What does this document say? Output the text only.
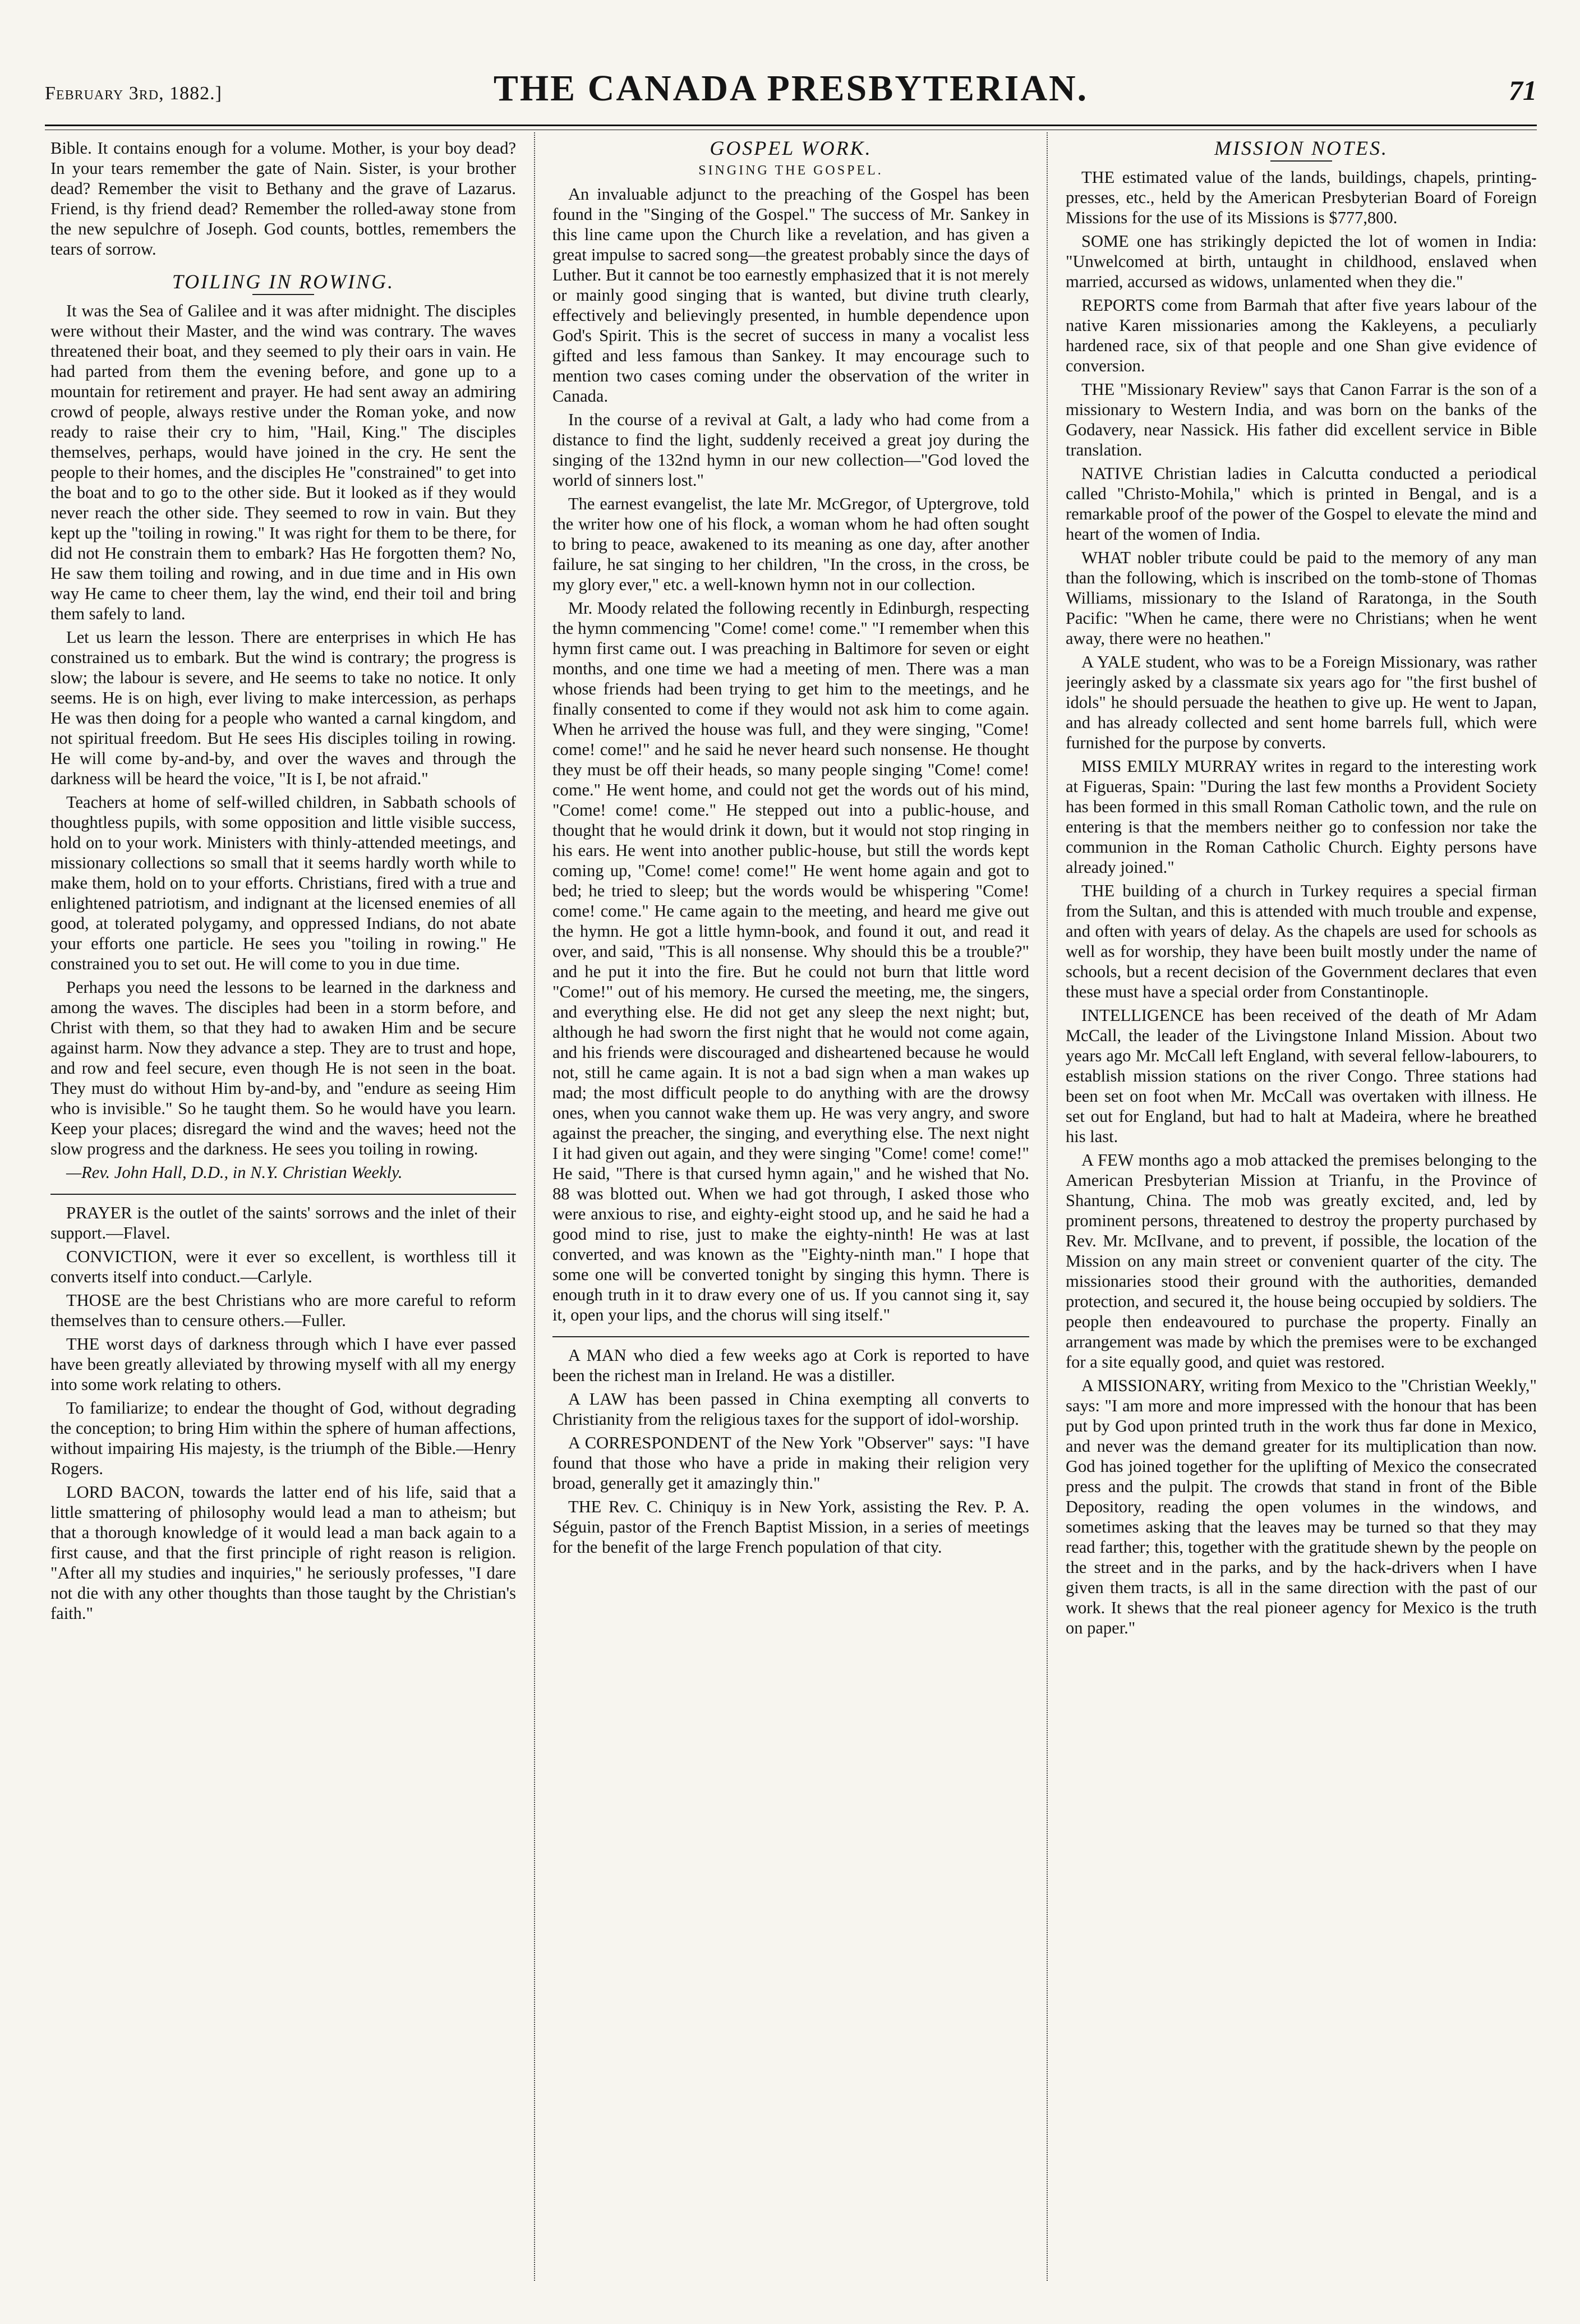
February 3rd, 1882.]	THE CANADA PRESBYTERIAN.	71

Bible. It contains enough for a volume. Mother, is your boy dead? In your tears remember the gate of Nain. Sister, is your brother dead? Remember the visit to Bethany and the grave of Lazarus. Friend, is thy friend dead? Remember the rolled-away stone from the new sepulchre of Joseph. God counts, bottles, remembers the tears of sorrow.

TOILING IN ROWING.

It was the Sea of Galilee and it was after midnight. The disciples were without their Master, and the wind was contrary. The waves threatened their boat, and they seemed to ply their oars in vain. He had parted from them the evening before, and gone up to a mountain for retirement and prayer. He had sent away an admiring crowd of people, always restive under the Roman yoke, and now ready to raise their cry to him, "Hail, King." The disciples themselves, perhaps, would have joined in the cry. He sent the people to their homes, and the disciples He "constrained" to get into the boat and to go to the other side. But it looked as if they would never reach the other side. They seemed to row in vain. But they kept up the "toiling in rowing." It was right for them to be there, for did not He constrain them to embark? Has He forgotten them? No, He saw them toiling and rowing, and in due time and in His own way He came to cheer them, lay the wind, end their toil and bring them safely to land.

Let us learn the lesson. There are enterprises in which He has constrained us to embark. But the wind is contrary; the progress is slow; the labour is severe, and He seems to take no notice. It only seems. He is on high, ever living to make intercession, as perhaps He was then doing for a people who wanted a carnal kingdom, and not spiritual freedom. But He sees His disciples toiling in rowing. He will come by-and-by, and over the waves and through the darkness will be heard the voice, "It is I, be not afraid."

Teachers at home of self-willed children, in Sabbath schools of thoughtless pupils, with some opposition and little visible success, hold on to your work. Ministers with thinly-attended meetings, and missionary collections so small that it seems hardly worth while to make them, hold on to your efforts. Christians, fired with a true and enlightened patriotism, and indignant at the licensed enemies of all good, at tolerated polygamy, and oppressed Indians, do not abate your efforts one particle. He sees you "toiling in rowing." He constrained you to set out. He will come to you in due time.

Perhaps you need the lessons to be learned in the darkness and among the waves. The disciples had been in a storm before, and Christ with them, so that they had to awaken Him and be secure against harm. Now they advance a step. They are to trust and hope, and row and feel secure, even though He is not seen in the boat. They must do without Him by-and-by, and "endure as seeing Him who is invisible." So he taught them. So he would have you learn. Keep your places; disregard the wind and the waves; heed not the slow progress and the darkness. He sees you toiling in rowing.

—Rev. John Hall, D.D., in N.Y. Christian Weekly.

PRAYER is the outlet of the saints' sorrows and the inlet of their support.—Flavel.

CONVICTION, were it ever so excellent, is worthless till it converts itself into conduct.—Carlyle.

THOSE are the best Christians who are more careful to reform themselves than to censure others.—Fuller.

THE worst days of darkness through which I have ever passed have been greatly alleviated by throwing myself with all my energy into some work relating to others.

To familiarize; to endear the thought of God, without degrading the conception; to bring Him within the sphere of human affections, without impairing His majesty, is the triumph of the Bible.—Henry Rogers.

LORD BACON, towards the latter end of his life, said that a little smattering of philosophy would lead a man to atheism; but that a thorough knowledge of it would lead a man back again to a first cause, and that the first principle of right reason is religion. "After all my studies and inquiries," he seriously professes, "I dare not die with any other thoughts than those taught by the Christian's faith."

GOSPEL WORK.
SINGING THE GOSPEL.

An invaluable adjunct to the preaching of the Gospel has been found in the "Singing of the Gospel." The success of Mr. Sankey in this line came upon the Church like a revelation, and has given a great impulse to sacred song—the greatest probably since the days of Luther. But it cannot be too earnestly emphasized that it is not merely or mainly good singing that is wanted, but divine truth clearly, effectively and believingly presented, in humble dependence upon God's Spirit. This is the secret of success in many a vocalist less gifted and less famous than Sankey. It may encourage such to mention two cases coming under the observation of the writer in Canada.

In the course of a revival at Galt, a lady who had come from a distance to find the light, suddenly received a great joy during the singing of the 132nd hymn in our new collection—"God loved the world of sinners lost."

The earnest evangelist, the late Mr. McGregor, of Uptergrove, told the writer how one of his flock, a woman whom he had often sought to bring to peace, awakened to its meaning as one day, after another failure, he sat singing to her children, "In the cross, in the cross, be my glory ever," etc. a well-known hymn not in our collection.

Mr. Moody related the following recently in Edinburgh, respecting the hymn commencing "Come! come! come." "I remember when this hymn first came out. I was preaching in Baltimore for seven or eight months, and one time we had a meeting of men. There was a man whose friends had been trying to get him to the meetings, and he finally consented to come if they would not ask him to come again. When he arrived the house was full, and they were singing, "Come! come! come!" and he said he never heard such nonsense. He thought they must be off their heads, so many people singing "Come! come! come." He went home, and could not get the words out of his mind, "Come! come! come." He stepped out into a public-house, and thought that he would drink it down, but it would not stop ringing in his ears. He went into another public-house, but still the words kept coming up, "Come! come! come!" He went home again and got to bed; he tried to sleep; but the words would be whispering "Come! come! come." He came again to the meeting, and heard me give out the hymn. He got a little hymn-book, and found it out, and read it over, and said, "This is all nonsense. Why should this be a trouble?" and he put it into the fire. But he could not burn that little word "Come!" out of his memory. He cursed the meeting, me, the singers, and everything else. He did not get any sleep the next night; but, although he had sworn the first night that he would not come again, and his friends were discouraged and disheartened because he would not, still he came again. It is not a bad sign when a man wakes up mad; the most difficult people to do anything with are the drowsy ones, when you cannot wake them up. He was very angry, and swore against the preacher, the singing, and everything else. The next night I it had given out again, and they were singing "Come! come! come!" He said, "There is that cursed hymn again," and he wished that No. 88 was blotted out. When we had got through, I asked those who were anxious to rise, and eighty-eight stood up, and he said he had a good mind to rise, just to make the eighty-ninth! He was at last converted, and was known as the "Eighty-ninth man." I hope that some one will be converted tonight by singing this hymn. There is enough truth in it to draw every one of us. If you cannot sing it, say it, open your lips, and the chorus will sing itself."

A MAN who died a few weeks ago at Cork is reported to have been the richest man in Ireland. He was a distiller.

A LAW has been passed in China exempting all converts to Christianity from the religious taxes for the support of idol-worship.

A CORRESPONDENT of the New York "Observer" says: "I have found that those who have a pride in making their religion very broad, generally get it amazingly thin."

THE Rev. C. Chiniquy is in New York, assisting the Rev. P. A. Séguin, pastor of the French Baptist Mission, in a series of meetings for the benefit of the large French population of that city.

MISSION NOTES.

THE estimated value of the lands, buildings, chapels, printing-presses, etc., held by the American Presbyterian Board of Foreign Missions for the use of its Missions is $777,800.

SOME one has strikingly depicted the lot of women in India: "Unwelcomed at birth, untaught in childhood, enslaved when married, accursed as widows, unlamented when they die."

REPORTS come from Barmah that after five years labour of the native Karen missionaries among the Kakleyens, a peculiarly hardened race, six of that people and one Shan give evidence of conversion.

THE "Missionary Review" says that Canon Farrar is the son of a missionary to Western India, and was born on the banks of the Godavery, near Nassick. His father did excellent service in Bible translation.

NATIVE Christian ladies in Calcutta conducted a periodical called "Christo-Mohila," which is printed in Bengal, and is a remarkable proof of the power of the Gospel to elevate the mind and heart of the women of India.

WHAT nobler tribute could be paid to the memory of any man than the following, which is inscribed on the tomb-stone of Thomas Williams, missionary to the Island of Raratonga, in the South Pacific: "When he came, there were no Christians; when he went away, there were no heathen."

A YALE student, who was to be a Foreign Missionary, was rather jeeringly asked by a classmate six years ago for "the first bushel of idols" he should persuade the heathen to give up. He went to Japan, and has already collected and sent home barrels full, which were furnished for the purpose by converts.

MISS EMILY MURRAY writes in regard to the interesting work at Figueras, Spain: "During the last few months a Provident Society has been formed in this small Roman Catholic town, and the rule on entering is that the members neither go to confession nor take the communion in the Roman Catholic Church. Eighty persons have already joined."

THE building of a church in Turkey requires a special firman from the Sultan, and this is attended with much trouble and expense, and often with years of delay. As the chapels are used for schools as well as for worship, they have been built mostly under the name of schools, but a recent decision of the Government declares that even these must have a special order from Constantinople.

INTELLIGENCE has been received of the death of Mr Adam McCall, the leader of the Livingstone Inland Mission. About two years ago Mr. McCall left England, with several fellow-labourers, to establish mission stations on the river Congo. Three stations had been set on foot when Mr. McCall was overtaken with illness. He set out for England, but had to halt at Madeira, where he breathed his last.

A FEW months ago a mob attacked the premises belonging to the American Presbyterian Mission at Trianfu, in the Province of Shantung, China. The mob was greatly excited, and, led by prominent persons, threatened to destroy the property purchased by Rev. Mr. McIlvane, and to prevent, if possible, the location of the Mission on any main street or convenient quarter of the city. The missionaries stood their ground with the authorities, demanded protection, and secured it, the house being occupied by soldiers. The people then endeavoured to purchase the property. Finally an arrangement was made by which the premises were to be exchanged for a site equally good, and quiet was restored.

A MISSIONARY, writing from Mexico to the "Christian Weekly," says: "I am more and more impressed with the honour that has been put by God upon printed truth in the work thus far done in Mexico, and never was the demand greater for its multiplication than now. God has joined together for the uplifting of Mexico the consecrated press and the pulpit. The crowds that stand in front of the Bible Depository, reading the open volumes in the windows, and sometimes asking that the leaves may be turned so that they may read farther; this, together with the gratitude shewn by the people on the street and in the parks, and by the hack-drivers when I have given them tracts, is all in the same direction with the past of our work. It shews that the real pioneer agency for Mexico is the truth on paper."
